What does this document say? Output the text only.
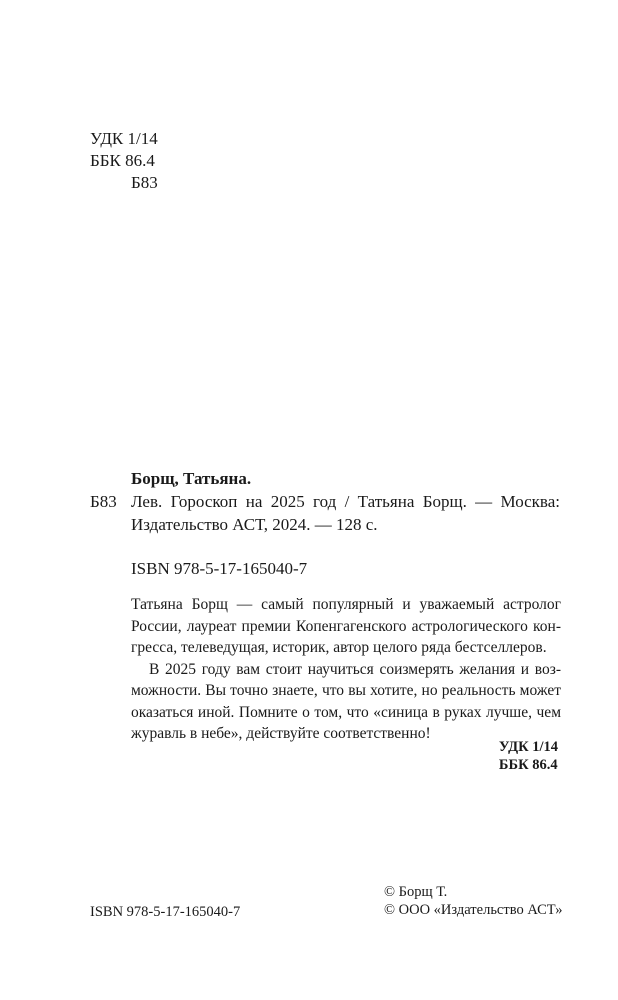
УДК 1/14
ББК 86.4
Б83
Борщ, Татьяна.
Б83 Лев. Гороскоп на 2025 год / Татьяна Борщ. — Москва:
Издательство АСТ, 2024. — 128 с.
ISBN 978-5-17-165040-7
Татьяна Борщ — самый популярный и уважаемый астролог
России, лауреат премии Копенгагенского астрологического кон-
гресса, телеведущая, историк, автор целого ряда бестселлеров.
В 2025 году вам стоит научиться соизмерять желания и воз-
можности. Вы точно знаете, что вы хотите, но реальность может
оказаться иной. Помните о том, что «синица в руках лучше, чем
журавль в небе», действуйте соответственно!
УДК 1/14
ББК 86.4
© Борщ Т.
© ООО «Издательство АСТ»
ISBN 978-5-17-165040-7
